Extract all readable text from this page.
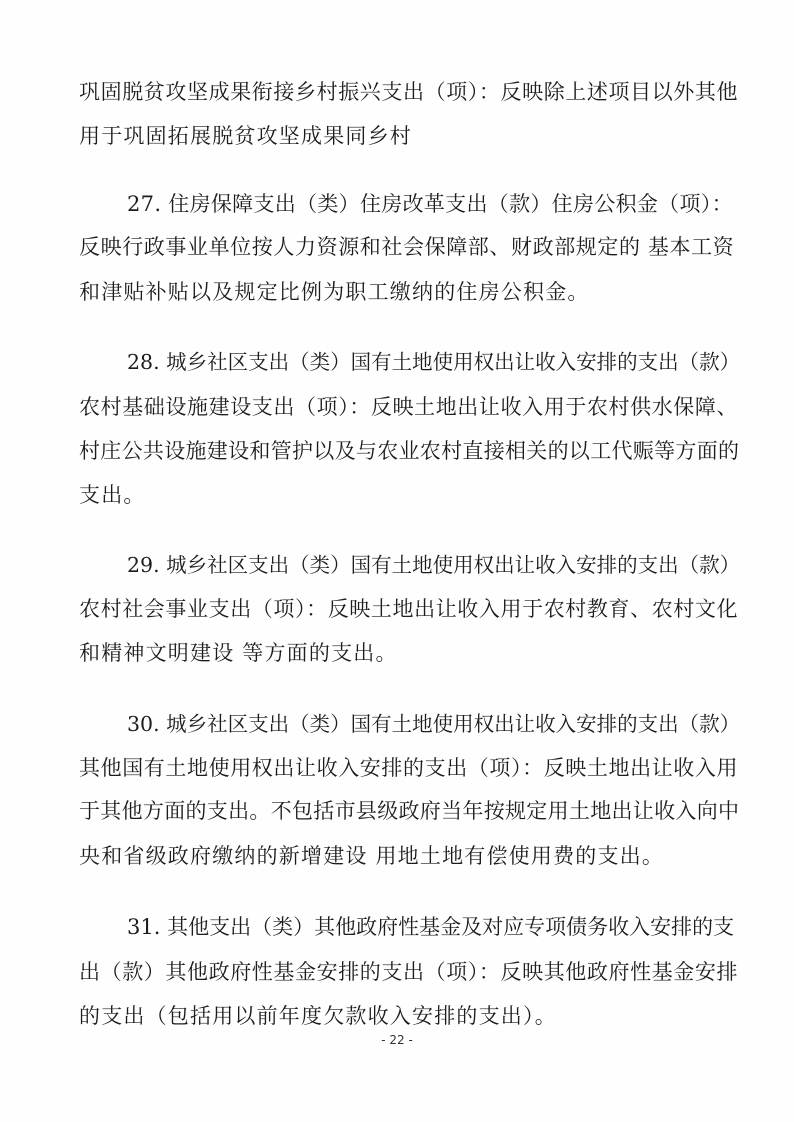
巩固脱贫攻坚成果衔接乡村振兴支出（项）：反映除上述项目以外其他
用于巩固拓展脱贫攻坚成果同乡村
27. 住房保障支出（类）住房改革支出（款）住房公积金（项）：
反映行政事业单位按人力资源和社会保障部、财政部规定的 基本工资
和津贴补贴以及规定比例为职工缴纳的住房公积金。
28. 城乡社区支出（类）国有土地使用权出让收入安排的支出（款）
农村基础设施建设支出（项）：反映土地出让收入用于农村供水保障、
村庄公共设施建设和管护以及与农业农村直接相关的以工代赈等方面的
支出。
29. 城乡社区支出（类）国有土地使用权出让收入安排的支出（款）
农村社会事业支出（项）：反映土地出让收入用于农村教育、农村文化
和精神文明建设 等方面的支出。
30. 城乡社区支出（类）国有土地使用权出让收入安排的支出（款）
其他国有土地使用权出让收入安排的支出（项）：反映土地出让收入用
于其他方面的支出。不包括市县级政府当年按规定用土地出让收入向中
央和省级政府缴纳的新增建设 用地土地有偿使用费的支出。
31. 其他支出（类）其他政府性基金及对应专项债务收入安排的支
出（款）其他政府性基金安排的支出（项）：反映其他政府性基金安排
的支出（包括用以前年度欠款收入安排的支出）。
- 22 -
